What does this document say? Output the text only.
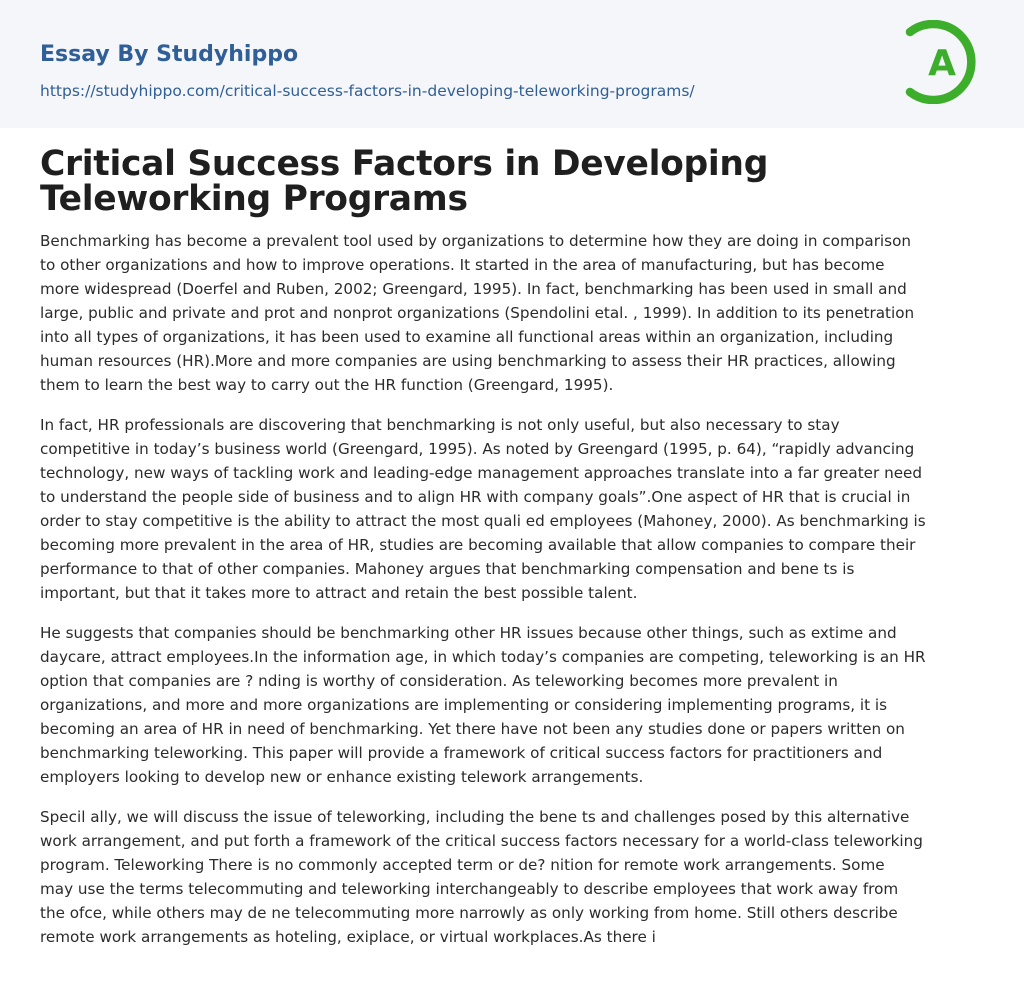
Essay By Studyhippo
https://studyhippo.com/critical-success-factors-in-developing-teleworking-programs/
A
Critical Success Factors in Developing
Teleworking Programs

Benchmarking has become a prevalent tool used by organizations to determine how they are doing in comparison
to other organizations and how to improve operations. It started in the area of manufacturing, but has become
more widespread (Doerfel and Ruben, 2002; Greengard, 1995). In fact, benchmarking has been used in small and
large, public and private and prot and nonprot organizations (Spendolini etal. , 1999). In addition to its penetration
into all types of organizations, it has been used to examine all functional areas within an organization, including
human resources (HR).More and more companies are using benchmarking to assess their HR practices, allowing
them to learn the best way to carry out the HR function (Greengard, 1995).

In fact, HR professionals are discovering that benchmarking is not only useful, but also necessary to stay
competitive in today’s business world (Greengard, 1995). As noted by Greengard (1995, p. 64), “rapidly advancing
technology, new ways of tackling work and leading-edge management approaches translate into a far greater need
to understand the people side of business and to align HR with company goals”.One aspect of HR that is crucial in
order to stay competitive is the ability to attract the most quali ed employees (Mahoney, 2000). As benchmarking is
becoming more prevalent in the area of HR, studies are becoming available that allow companies to compare their
performance to that of other companies. Mahoney argues that benchmarking compensation and bene ts is
important, but that it takes more to attract and retain the best possible talent.

He suggests that companies should be benchmarking other HR issues because other things, such as extime and
daycare, attract employees.In the information age, in which today’s companies are competing, teleworking is an HR
option that companies are ? nding is worthy of consideration. As teleworking becomes more prevalent in
organizations, and more and more organizations are implementing or considering implementing programs, it is
becoming an area of HR in need of benchmarking. Yet there have not been any studies done or papers written on
benchmarking teleworking. This paper will provide a framework of critical success factors for practitioners and
employers looking to develop new or enhance existing telework arrangements.

Specil ally, we will discuss the issue of teleworking, including the bene ts and challenges posed by this alternative
work arrangement, and put forth a framework of the critical success factors necessary for a world-class teleworking
program. Teleworking There is no commonly accepted term or de? nition for remote work arrangements. Some
may use the terms telecommuting and teleworking interchangeably to describe employees that work away from
the ofce, while others may de ne telecommuting more narrowly as only working from home. Still others describe
remote work arrangements as hoteling, exiplace, or virtual workplaces.As there i
